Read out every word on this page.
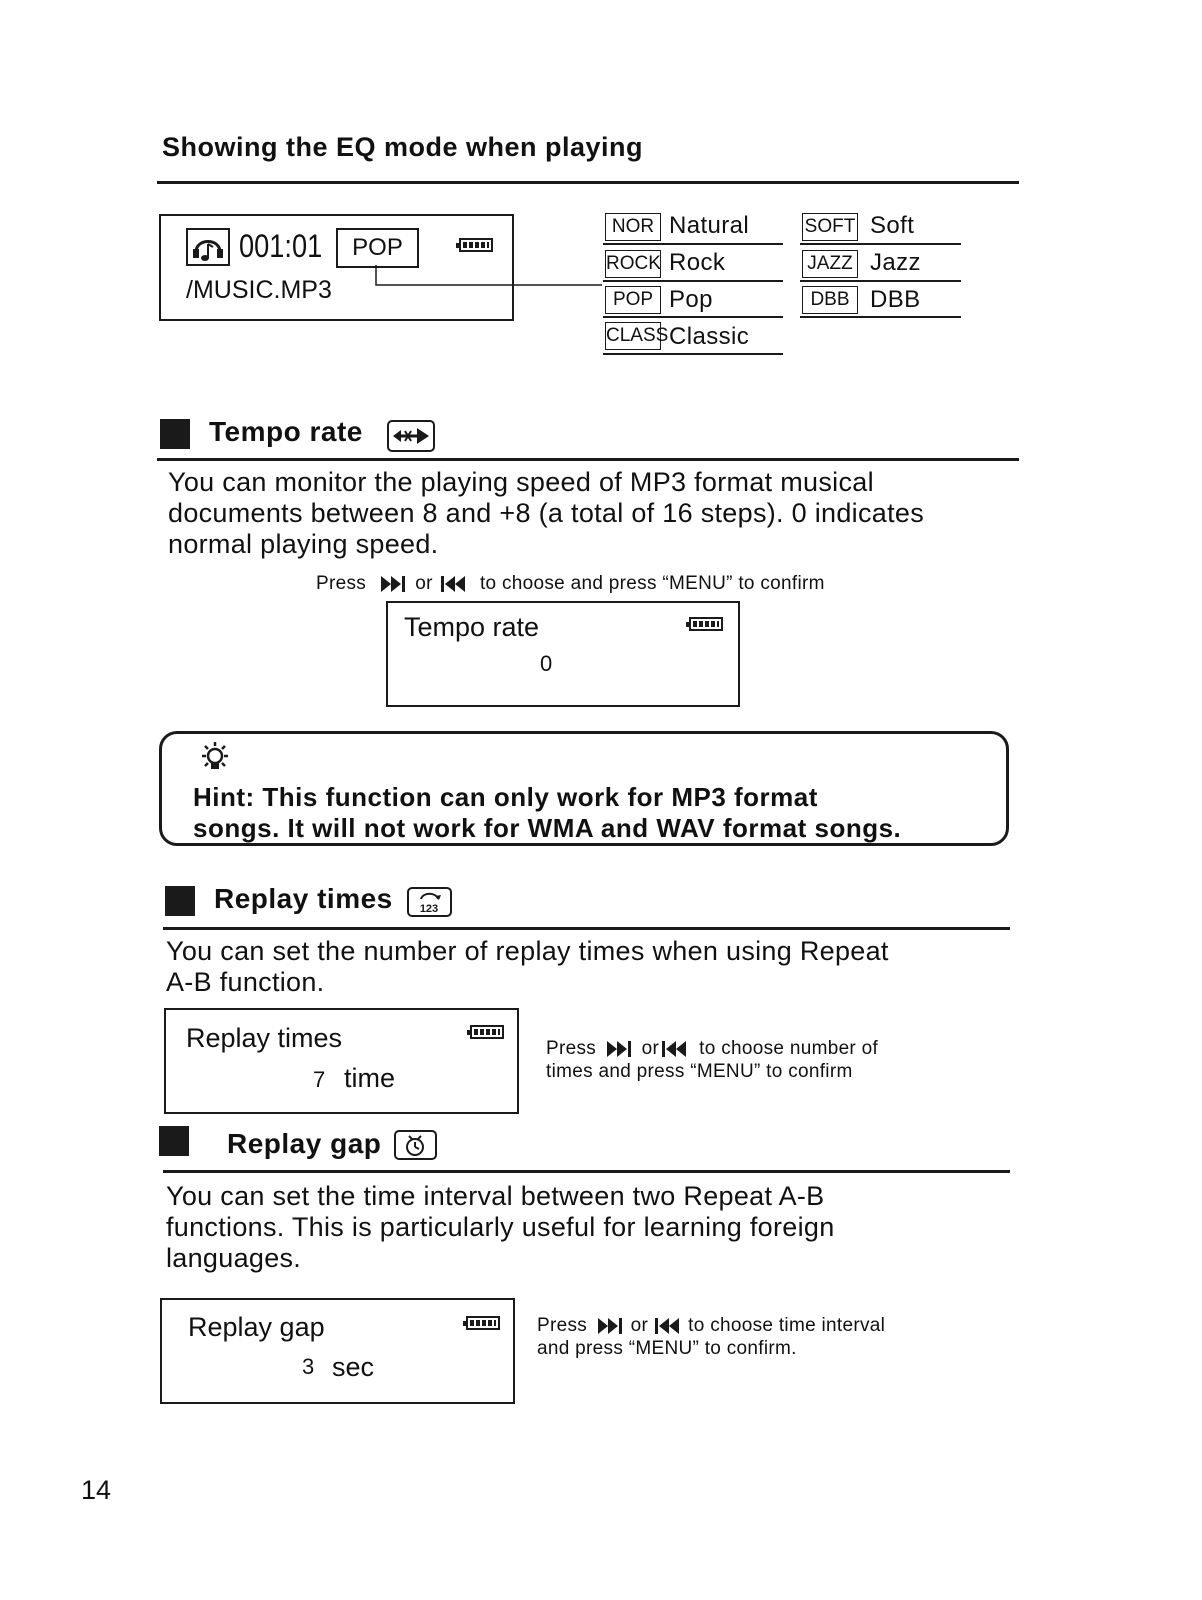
Showing the EQ mode when playing
001:01	POP
/MUSIC.MP3
NOR Natural
ROCK Rock
POP Pop
CLASS Classic
SOFT Soft
JAZZ Jazz
DBB DBB
Tempo rate
You can monitor the playing speed of MP3 format musical
documents between 8 and +8 (a total of 16 steps). 0 indicates
normal playing speed.
Press	or to choose and press “MENU” to confirm
Tempo rate
0
Hint: This function can only work for MP3 format
songs. It will not work for WMA and WAV format songs.
Replay times 123
You can set the number of replay times when using Repeat
A-B function.
Replay times
7 time
Press or to choose number of
times and press “MENU” to confirm
Replay gap
You can set the time interval between two Repeat A-B
functions. This is particularly useful for learning foreign
languages.
Replay gap
3 sec
Press or to choose time interval
and press “MENU” to confirm.
14
